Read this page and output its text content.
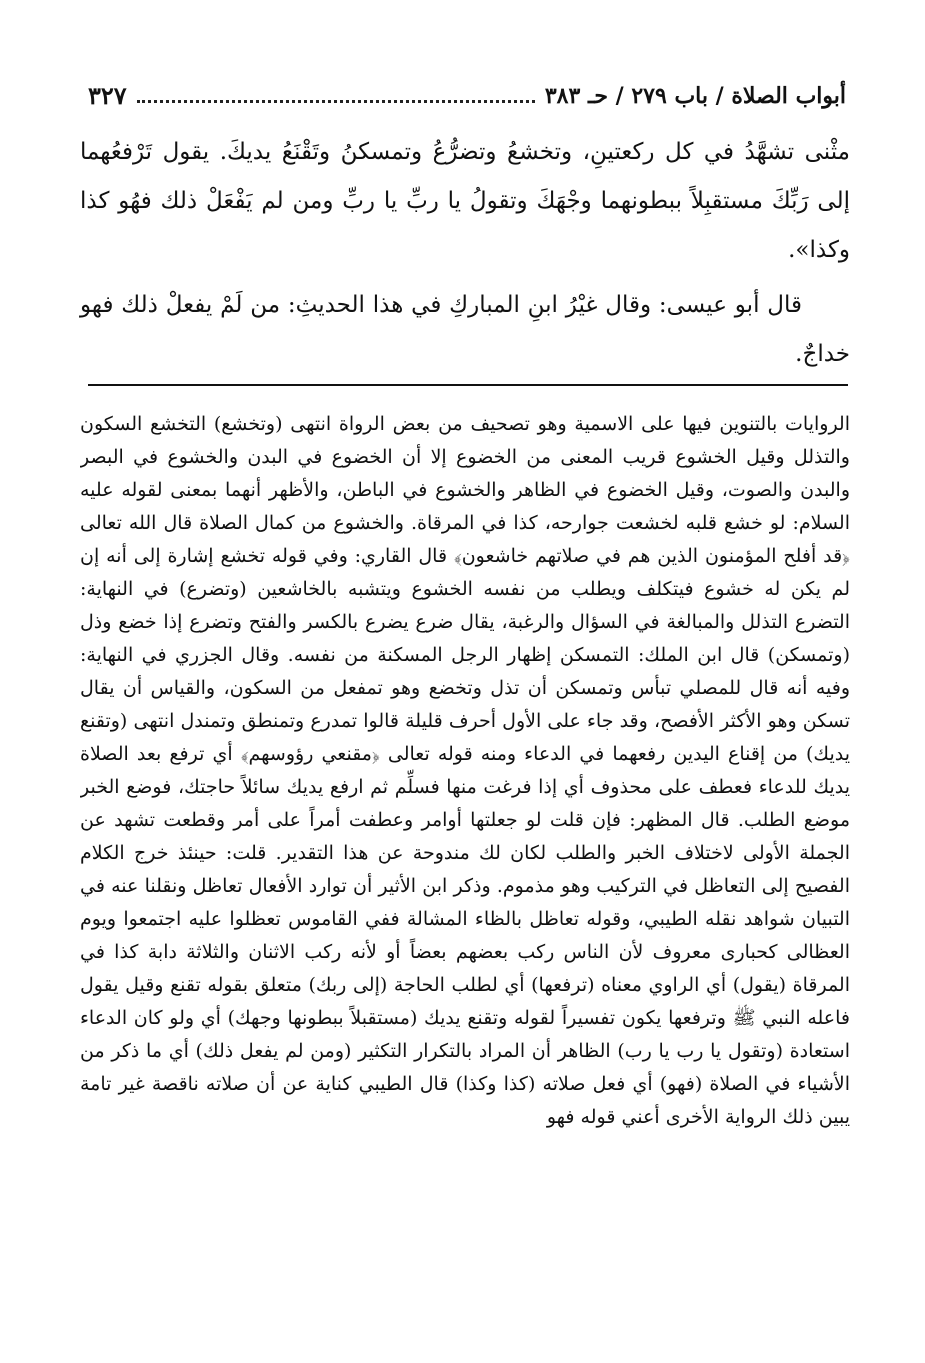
أبواب الصلاة / باب ٢٧٩ / حـ ٣٨٣
٣٢٧

مثْنى تشهَّدُ في كل ركعتينِ، وتخشعُ وتضرُّعُ وتمسكنُ وتَقْنَعُ يديكَ. يقول تَرْفعُهما إلى رَبِّكَ مستقبِلاً ببطونهما وجْهَكَ وتقولُ يا ربِّ يا ربِّ ومن لم يَفْعَلْ ذلك فهُو كذا وكذا».

قال أبو عيسى: وقال غيْرُ ابنِ المباركِ في هذا الحديثِ: من لَمْ يفعلْ ذلك فهو خداجٌ.

الروايات بالتنوين فيها على الاسمية وهو تصحيف من بعض الرواة انتهى (وتخشع) التخشع السكون والتذلل وقيل الخشوع قريب المعنى من الخضوع إلا أن الخضوع في البدن والخشوع في البصر والبدن والصوت، وقيل الخضوع في الظاهر والخشوع في الباطن، والأظهر أنهما بمعنى لقوله عليه السلام: لو خشع قلبه لخشعت جوارحه، كذا في المرقاة. والخشوع من كمال الصلاة قال الله تعالى ﴿قد أفلح المؤمنون الذين هم في صلاتهم خاشعون﴾ قال القاري: وفي قوله تخشع إشارة إلى أنه إن لم يكن له خشوع فيتكلف ويطلب من نفسه الخشوع ويتشبه بالخاشعين (وتضرع) في النهاية: التضرع التذلل والمبالغة في السؤال والرغبة، يقال ضرع يضرع بالكسر والفتح وتضرع إذا خضع وذل (وتمسكن) قال ابن الملك: التمسكن إظهار الرجل المسكنة من نفسه. وقال الجزري في النهاية: وفيه أنه قال للمصلي تبأس وتمسكن أن تذل وتخضع وهو تمفعل من السكون، والقياس أن يقال تسكن وهو الأكثر الأفصح، وقد جاء على الأول أحرف قليلة قالوا تمدرع وتمنطق وتمندل انتهى (وتقنع يديك) من إقناع اليدين رفعهما في الدعاء ومنه قوله تعالى ﴿مقنعي رؤوسهم﴾ أي ترفع بعد الصلاة يديك للدعاء فعطف على محذوف أي إذا فرغت منها فسلِّم ثم ارفع يديك سائلاً حاجتك، فوضع الخبر موضع الطلب. قال المظهر: فإن قلت لو جعلتها أوامر وعطفت أمراً على أمر وقطعت تشهد عن الجملة الأولى لاختلاف الخبر والطلب لكان لك مندوحة عن هذا التقدير. قلت: حينئذ خرج الكلام الفصيح إلى التعاظل في التركيب وهو مذموم. وذكر ابن الأثير أن توارد الأفعال تعاظل ونقلنا عنه في التبيان شواهد نقله الطيبي، وقوله تعاظل بالظاء المشالة ففي القاموس تعظلوا عليه اجتمعوا ويوم العظالى كحبارى معروف لأن الناس ركب بعضهم بعضاً أو لأنه ركب الاثنان والثلاثة دابة كذا في المرقاة (يقول) أي الراوي معناه (ترفعها) أي لطلب الحاجة (إلى ربك) متعلق بقوله تقنع وقيل يقول فاعله النبي ﷺ وترفعها يكون تفسيراً لقوله وتقنع يديك (مستقبلاً ببطونها وجهك) أي ولو كان الدعاء استعادة (وتقول يا رب يا رب) الظاهر أن المراد بالتكرار التكثير (ومن لم يفعل ذلك) أي ما ذكر من الأشياء في الصلاة (فهو) أي فعل صلاته (كذا وكذا) قال الطيبي كناية عن أن صلاته ناقصة غير تامة يبين ذلك الرواية الأخرى أعني قوله فهو
